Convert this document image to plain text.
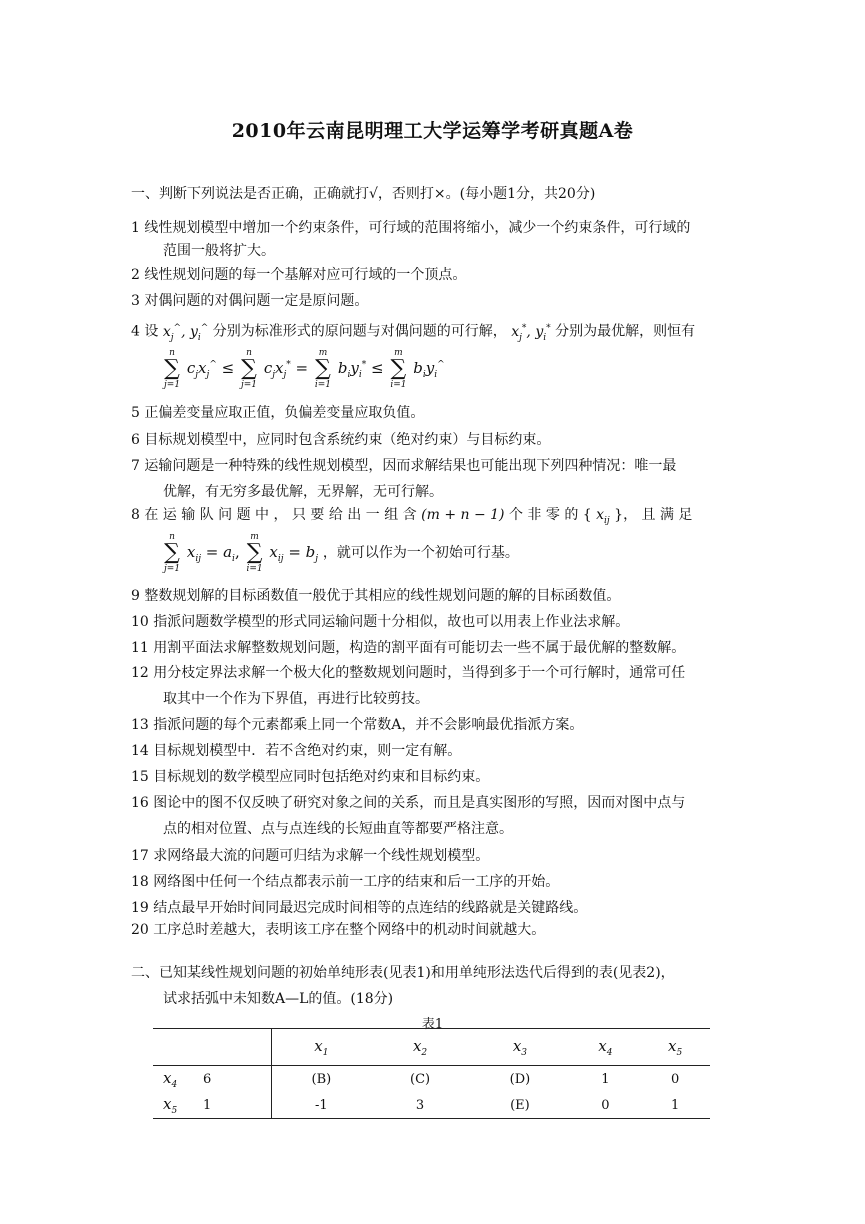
2010年云南昆明理工大学运筹学考研真题A卷
一、判断下列说法是否正确，正确就打√，否则打×。(每小题1分，共20分)
1 线性规划模型中增加一个约束条件，可行域的范围将缩小，减少一个约束条件，可行域的
范围一般将扩大。
2 线性规划问题的每一个基解对应可行域的一个顶点。
3 对偶问题的对偶问题一定是原问题。
4 设 $x_j^{\^{}}$, $y_i^{\^{}}$ 分别为标准形式的原问题与对偶问题的可行解， $x_j^*$, $y_i^*$ 分别为最优解，则恒有
n
∑
j=1
$c_jx_j^{\^{}}$ ≤
n
∑
j=1
$c_jx_j^*$ =
m
∑
i=1
$b_iy_i^*$ ≤
m
∑
i=1
$b_iy_i^{\^{}}$
5 正偏差变量应取正值，负偏差变量应取负值。
6 目标规划模型中，应同时包含系统约束（绝对约束）与目标约束。
7 运输问题是一种特殊的线性规划模型，因而求解结果也可能出现下列四种情况：唯一最
优解，有无穷多最优解，无界解，无可行解。
8 在 运 输 队 问 题 中 ， 只 要 给 出 一 组 含 (m + n − 1) 个 非 零 的 { $x_{ij}$ }， 且 满 足
n
∑
j=1
$x_{ij} = a_i$,
m
∑
i=1
$x_{ij} = b_j$ ，就可以作为一个初始可行基。
9 整数规划解的目标函数值一般优于其相应的线性规划问题的解的目标函数值。
10 指派问题数学模型的形式同运输问题十分相似，故也可以用表上作业法求解。
11 用割平面法求解整数规划问题，构造的割平面有可能切去一些不属于最优解的整数解。
12 用分枝定界法求解一个极大化的整数规划问题时，当得到多于一个可行解时，通常可任
取其中一个作为下界值，再进行比较剪技。
13 指派问题的每个元素都乘上同一个常数A，并不会影响最优指派方案。
14 目标规划模型中．若不含绝对约束，则一定有解。
15 目标规划的数学模型应同时包括绝对约束和目标约束。
16 图论中的图不仅反映了研究对象之间的关系，而且是真实图形的写照，因而对图中点与
点的相对位置、点与点连线的长短曲直等都要严格注意。
17 求网络最大流的问题可归结为求解一个线性规划模型。
18 网络图中任何一个结点都表示前一工序的结束和后一工序的开始。
19 结点最早开始时间同最迟完成时间相等的点连结的线路就是关键路线。
20 工序总时差越大，表明该工序在整个网络中的机动时间就越大。
二、已知某线性规划问题的初始单纯形表(见表1)和用单纯形法迭代后得到的表(见表2)，
试求括弧中未知数A—L的值。(18分)
表1
		$x_1$	$x_2$	$x_3$	$x_4$	$x_5$
$x_4$	6	(B)	(C)	(D)	1	0
$x_5$	1	-1	3	(E)	0	1
